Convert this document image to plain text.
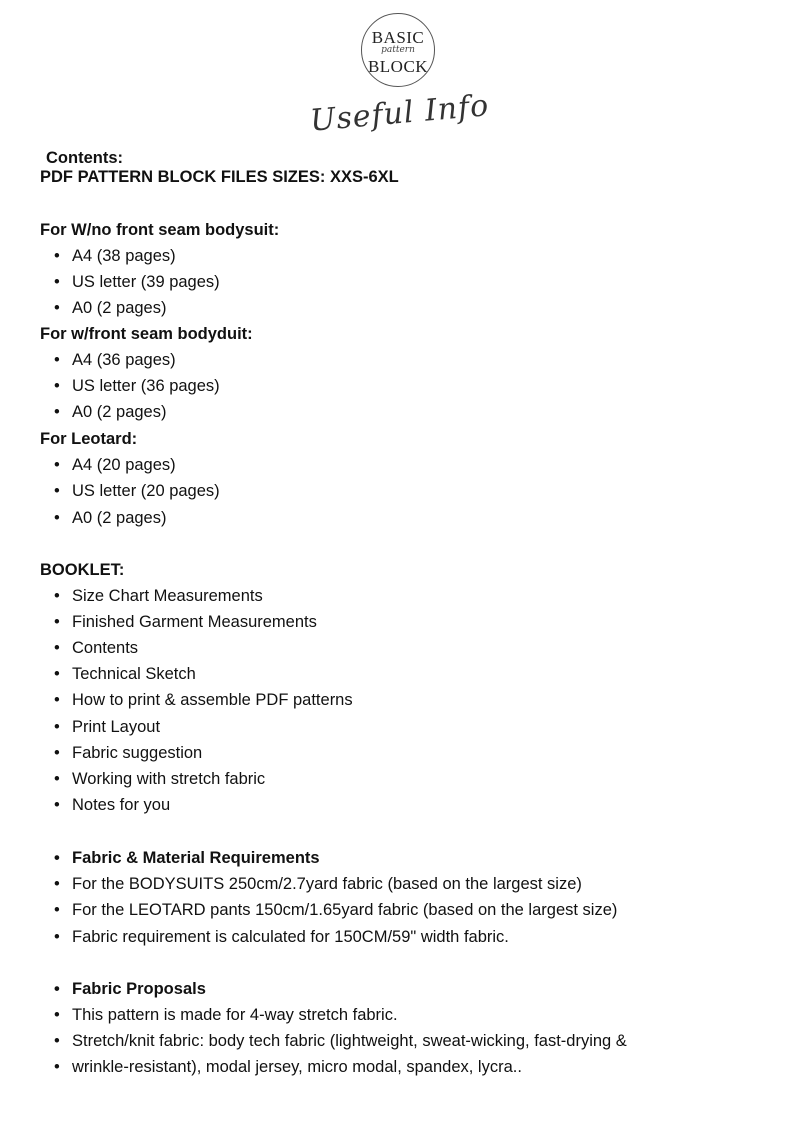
BASIC
pattern
BLOCK
Useful Info
Contents:
PDF PATTERN BLOCK FILES SIZES: XXS-6XL
For W/no front seam bodysuit:
• A4 (38 pages)
• US letter (39 pages)
• A0 (2 pages)
For w/front seam bodyduit:
• A4 (36 pages)
• US letter (36 pages)
• A0 (2 pages)
For Leotard:
• A4 (20 pages)
• US letter (20 pages)
• A0 (2 pages)
BOOKLET:
• Size Chart Measurements
• Finished Garment Measurements
• Contents
• Technical Sketch
• How to print & assemble PDF patterns
• Print Layout
• Fabric suggestion
• Working with stretch fabric
• Notes for you
• Fabric & Material Requirements
• For the BODYSUITS 250cm/2.7yard fabric (based on the largest size)
• For the LEOTARD pants 150cm/1.65yard fabric (based on the largest size)
• Fabric requirement is calculated for 150CM/59" width fabric.
• Fabric Proposals
• This pattern is made for 4-way stretch fabric.
• Stretch/knit fabric: body tech fabric (lightweight, sweat-wicking, fast-drying &
• wrinkle-resistant), modal jersey, micro modal, spandex, lycra..
